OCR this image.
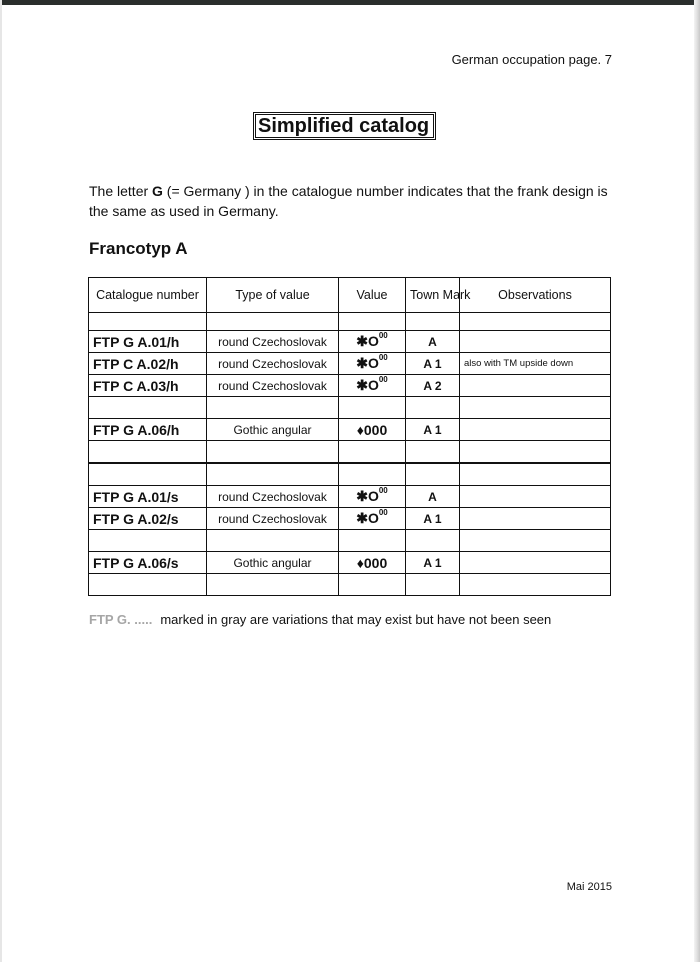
German occupation page. 7
Simplified catalog
The letter G (= Germany ) in the catalogue number indicates that the frank design is the same as used in Germany.
Francotyp A
Catalogue number	Type of value	Value	Town Mark	Observations

FTP G A.01/h	round Czechoslovak	$✱O^{00}$	A	
FTP C A.02/h	round Czechoslovak	$✱O^{00}$	A 1	also with TM upside down
FTP C A.03/h	round Czechoslovak	$✱O^{00}$	A 2	

FTP G A.06/h	Gothic angular	♦000	A 1	

FTP G A.01/s	round Czechoslovak	$✱O^{00}$	A	
FTP G A.02/s	round Czechoslovak	$✱O^{00}$	A 1	

FTP G A.06/s	Gothic angular	♦000	A 1	

FTP G. ..... marked in gray are variations that may exist but have not been seen
Mai 2015
